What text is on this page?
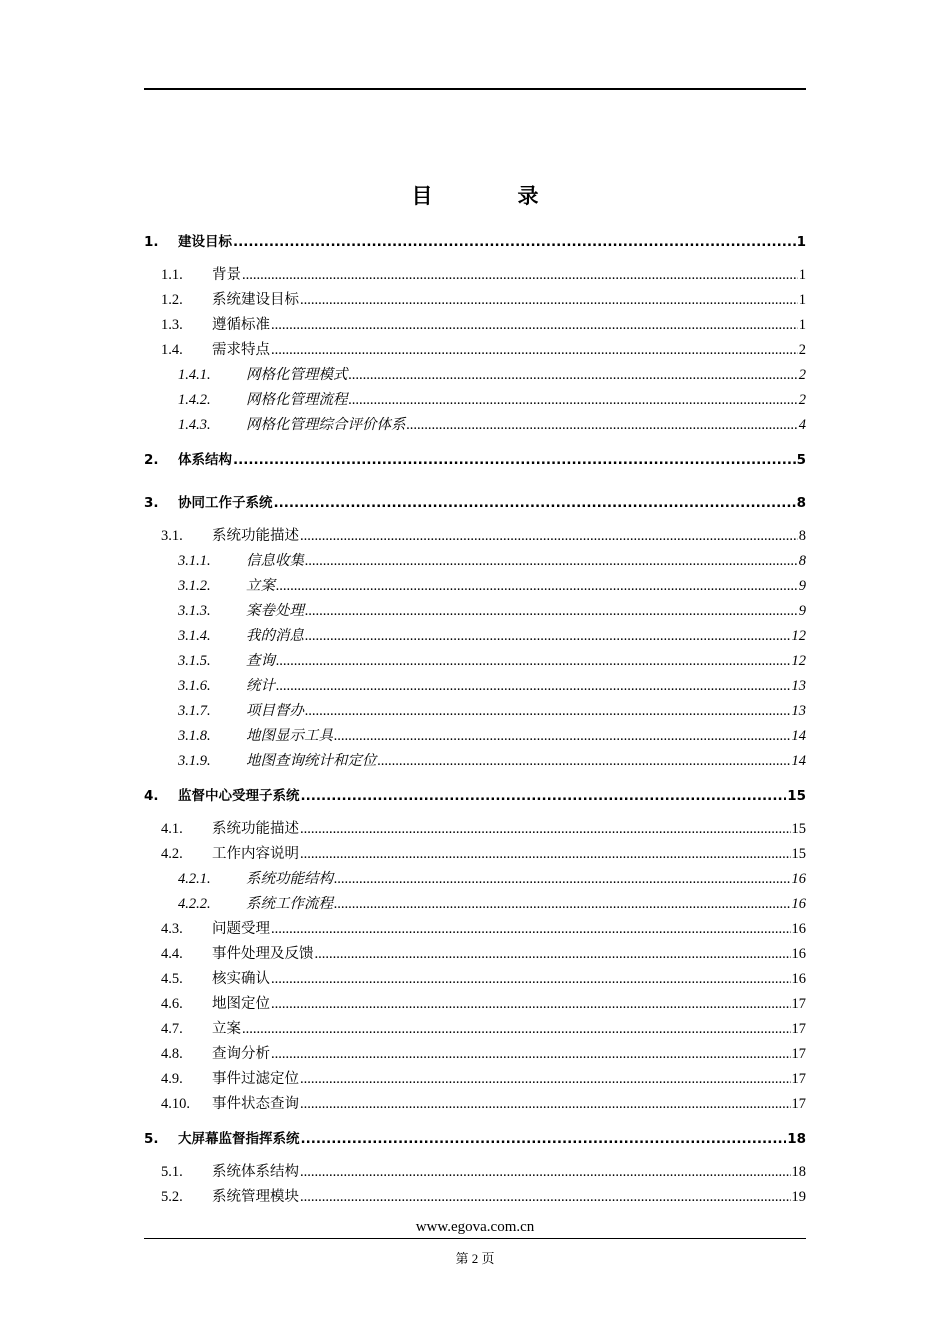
目　录
1.	建设目标 .....	1
1.1.	背景 .....	1
1.2.	系统建设目标 .....	1
1.3.	遵循标准 .....	1
1.4.	需求特点 .....	2
1.4.1.	网格化管理模式 .....	2
1.4.2.	网格化管理流程 .....	2
1.4.3.	网格化管理综合评价体系 .....	4
2.	体系结构 .....	5
3.	协同工作子系统 .....	8
3.1.	系统功能描述 .....	8
3.1.1.	信息收集 .....	8
3.1.2.	立案 .....	9
3.1.3.	案卷处理 .....	9
3.1.4.	我的消息 .....	12
3.1.5.	查询 .....	12
3.1.6.	统计 .....	13
3.1.7.	项目督办 .....	13
3.1.8.	地图显示工具 .....	14
3.1.9.	地图查询统计和定位 .....	14
4.	监督中心受理子系统 .....	15
4.1.	系统功能描述 .....	15
4.2.	工作内容说明 .....	15
4.2.1.	系统功能结构 .....	16
4.2.2.	系统工作流程 .....	16
4.3.	问题受理 .....	16
4.4.	事件处理及反馈 .....	16
4.5.	核实确认 .....	16
4.6.	地图定位 .....	17
4.7.	立案 .....	17
4.8.	查询分析 .....	17
4.9.	事件过滤定位 .....	17
4.10.	事件状态查询 .....	17
5.	大屏幕监督指挥系统 .....	18
5.1.	系统体系结构 .....	18
5.2.	系统管理模块 .....	19
www.egova.com.cn
第 2 页
